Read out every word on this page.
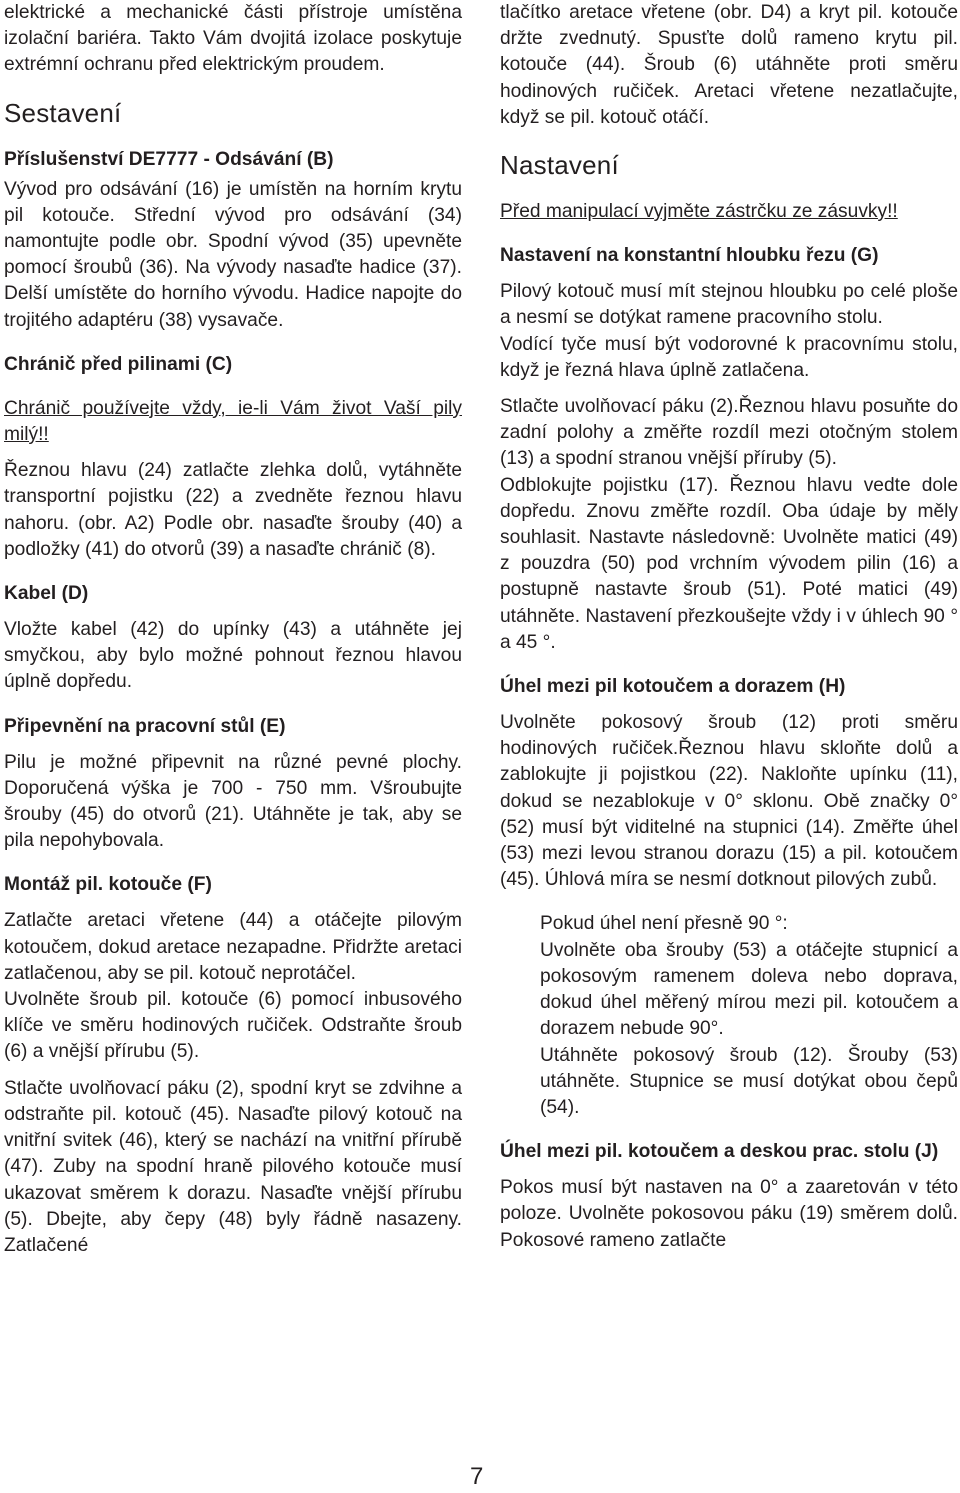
elektrické a mechanické části přístroje umístěna izolační bariéra. Takto Vám dvojitá izolace poskytuje extrémní ochranu před elektrickým proudem.

Sestavení
Příslušenství DE7777 - Odsávání (B)

Vývod pro odsávání (16) je umístěn na horním krytu pil kotouče. Střední vývod pro odsávání (34) namontujte podle obr. Spodní vývod (35) upevněte pomocí šroubů (36). Na vývody nasaďte hadice (37). Delší umístěte do horního vývodu. Hadice napojte do trojitého adaptéru (38) vysavače.

Chránič před pilinami (C)

Chránič používejte vždy, ie-li Vám život Vaší pily milý!!

Řeznou hlavu (24) zatlačte zlehka dolů, vytáhněte transportní pojistku (22) a zvedněte řeznou hlavu nahoru. (obr. A2) Podle obr. nasaďte šrouby (40) a podložky (41) do otvorů (39) a nasaďte chránič (8).

Kabel (D)

Vložte kabel (42) do upínky (43) a utáhněte jej smyčkou, aby bylo možné pohnout řeznou hlavou úplně dopředu.

Připevnění na pracovní stůl (E)

Pilu je možné připevnit na různé pevné plochy. Doporučená výška je 700 - 750 mm. Všroubujte šrouby (45) do otvorů (21). Utáhněte je tak, aby se pila nepohybovala.

Montáž pil. kotouče (F)

Zatlačte aretaci vřetene (44) a otáčejte pilovým kotoučem, dokud aretace nezapadne. Přidržte aretaci zatlačenou, aby se pil. kotouč neprotáčel.

Uvolněte šroub pil. kotouče (6) pomocí inbusového klíče ve směru hodinových ručiček. Odstraňte šroub (6) a vnější přírubu (5).

Stlačte uvolňovací páku (2), spodní kryt se zdvihne a odstraňte pil. kotouč (45). Nasaďte pilový kotouč na vnitřní svitek (46), který se nachází na vnitřní přírubě (47). Zuby na spodní hraně pilového kotouče musí ukazovat směrem k dorazu. Nasaďte vnější přírubu (5). Dbejte, aby čepy (48) byly řádně nasazeny. Zatlačené

tlačítko aretace vřetene (obr. D4) a kryt pil. kotouče držte zvednutý. Spusťte dolů rameno krytu pil. kotouče (44). Šroub (6) utáhněte proti směru hodinových ručiček. Aretaci vřetene nezatlačujte, když se pil. kotouč otáčí.

Nastavení

Před manipulací vyjměte zástrčku ze zásuvky!!

Nastavení na konstantní hloubku řezu (G)

Pilový kotouč musí mít stejnou hloubku po celé ploše a nesmí se dotýkat ramene pracovního stolu.

Vodící tyče musí být vodorovné k pracovnímu stolu, když je řezná hlava úplně zatlačena.

Stlačte uvolňovací páku (2).Řeznou hlavu posuňte do zadní polohy a změřte rozdíl mezi otočným stolem (13) a spodní stranou vnější příruby (5).

Odblokujte pojistku (17). Řeznou hlavu vedte dole dopředu. Znovu změřte rozdíl. Oba údaje by měly souhlasit. Nastavte následovně: Uvolněte matici (49) z pouzdra (50) pod vrchním vývodem pilin (16) a postupně nastavte šroub (51). Poté matici (49) utáhněte. Nastavení přezkoušejte vždy i v úhlech 90 ° a 45 °.

Úhel mezi pil kotoučem a dorazem (H)

Uvolněte pokosový šroub (12) proti směru hodinových ručiček.Řeznou hlavu skloňte dolů a zablokujte ji pojistkou (22). Nakloňte upínku (11), dokud se nezablokuje v 0° sklonu. Obě značky 0° (52) musí být viditelné na stupnici (14). Změřte úhel (53) mezi levou stranou dorazu (15) a pil. kotoučem (45). Úhlová míra se nesmí dotknout pilových zubů.

Pokud úhel není přesně 90 °:

Uvolněte oba šrouby (53) a otáčejte stupnicí a pokosovým ramenem doleva nebo doprava, dokud úhel měřený mírou mezi pil. kotoučem a dorazem nebude 90°.

Utáhněte pokosový šroub (12). Šrouby (53) utáhněte. Stupnice se musí dotýkat obou čepů (54).

Úhel mezi pil. kotoučem a deskou prac. stolu (J)

Pokos musí být nastaven na 0° a zaaretován v této poloze. Uvolněte pokosovou páku (19) směrem dolů. Pokosové rameno zatlačte

7
